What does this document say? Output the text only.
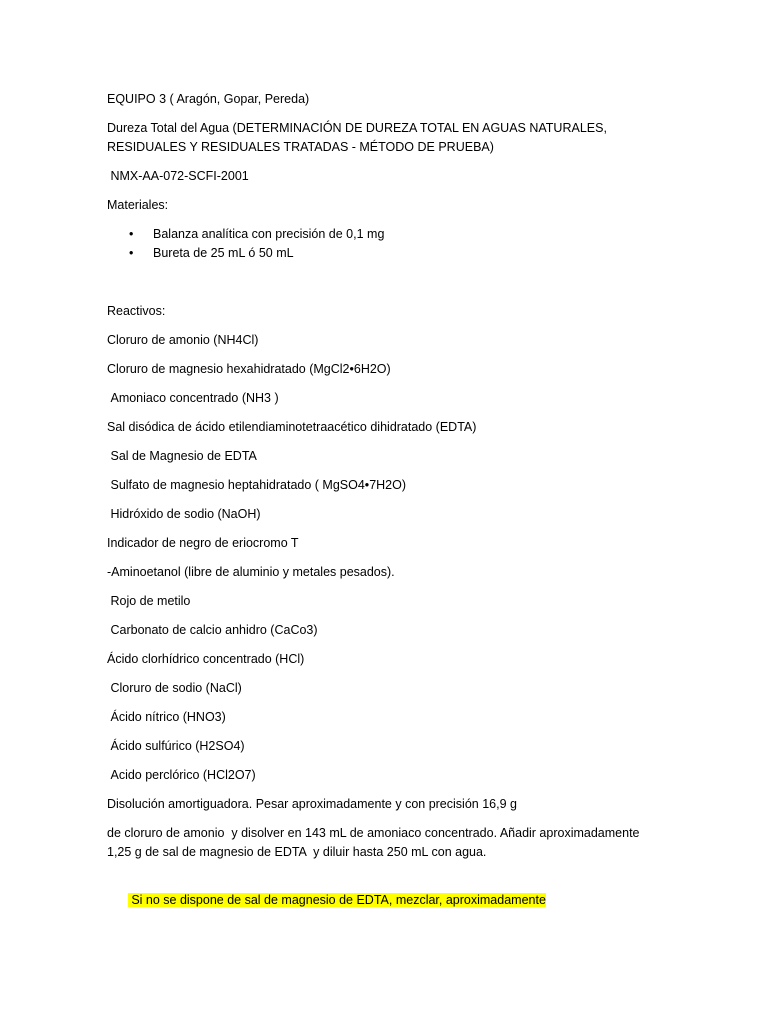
EQUIPO 3 ( Aragón, Gopar, Pereda)

Dureza Total del Agua (DETERMINACIÓN DE DUREZA TOTAL EN AGUAS NATURALES, RESIDUALES Y RESIDUALES TRATADAS - MÉTODO DE PRUEBA)

NMX-AA-072-SCFI-2001

Materiales:

• Balanza analítica con precisión de 0,1 mg
• Bureta de 25 mL ó 50 mL

Reactivos:

Cloruro de amonio (NH4Cl)

Cloruro de magnesio hexahidratado (MgCl2•6H2O)

Amoniaco concentrado (NH3 )

Sal disódica de ácido etilendiaminotetraacético dihidratado (EDTA)

Sal de Magnesio de EDTA

Sulfato de magnesio heptahidratado ( MgSO4•7H2O)

Hidróxido de sodio (NaOH)

Indicador de negro de eriocromo T

-Aminoetanol (libre de aluminio y metales pesados).

Rojo de metilo

Carbonato de calcio anhidro (CaCo3)

Ácido clorhídrico concentrado (HCl)

Cloruro de sodio (NaCl)

Ácido nítrico (HNO3)

Ácido sulfúrico (H2SO4)

Acido perclórico (HCl2O7)

Disolución amortiguadora. Pesar aproximadamente y con precisión 16,9 g

de cloruro de amonio  y disolver en 143 mL de amoniaco concentrado. Añadir aproximadamente 1,25 g de sal de magnesio de EDTA  y diluir hasta 250 mL con agua.

Si no se dispone de sal de magnesio de EDTA, mezclar, aproximadamente
